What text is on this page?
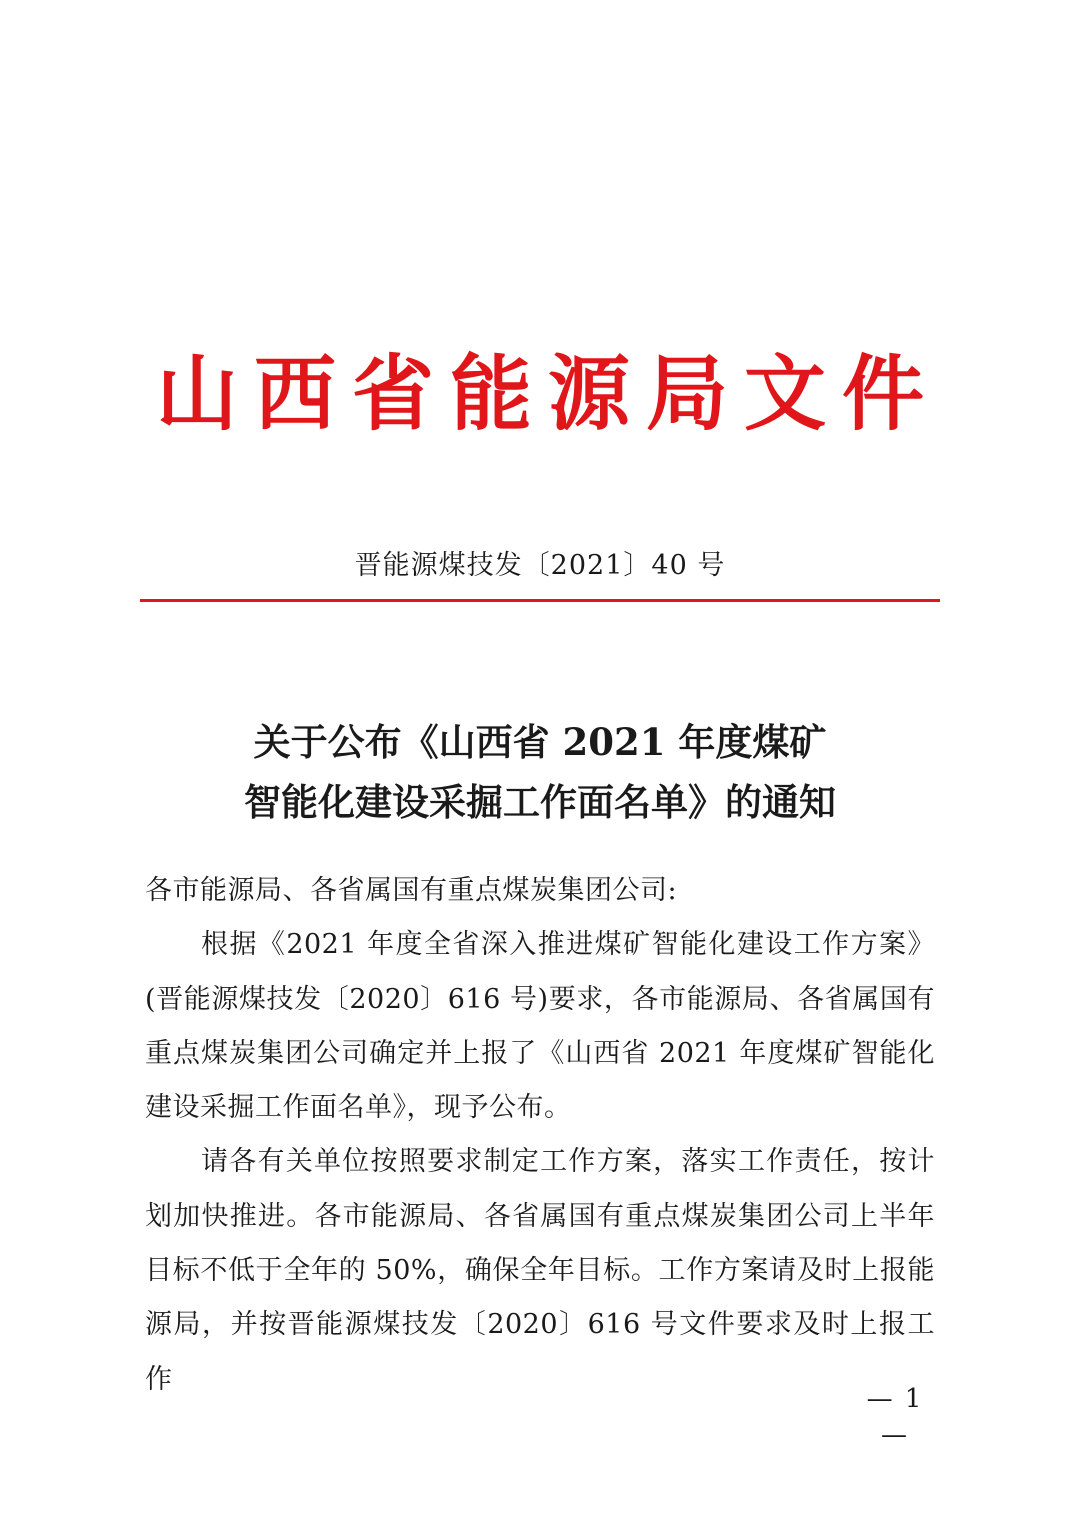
山西省能源局文件
晋能源煤技发〔2021〕40 号
关于公布《山西省 2021 年度煤矿
智能化建设采掘工作面名单》的通知

各市能源局、各省属国有重点煤炭集团公司:

根据《2021 年度全省深入推进煤矿智能化建设工作方案》(晋能源煤技发〔2020〕616 号)要求，各市能源局、各省属国有重点煤炭集团公司确定并上报了《山西省 2021 年度煤矿智能化建设采掘工作面名单》，现予公布。

请各有关单位按照要求制定工作方案，落实工作责任，按计划加快推进。各市能源局、各省属国有重点煤炭集团公司上半年目标不低于全年的 50%，确保全年目标。工作方案请及时上报能源局，并按晋能源煤技发〔2020〕616 号文件要求及时上报工作

— 1 —
